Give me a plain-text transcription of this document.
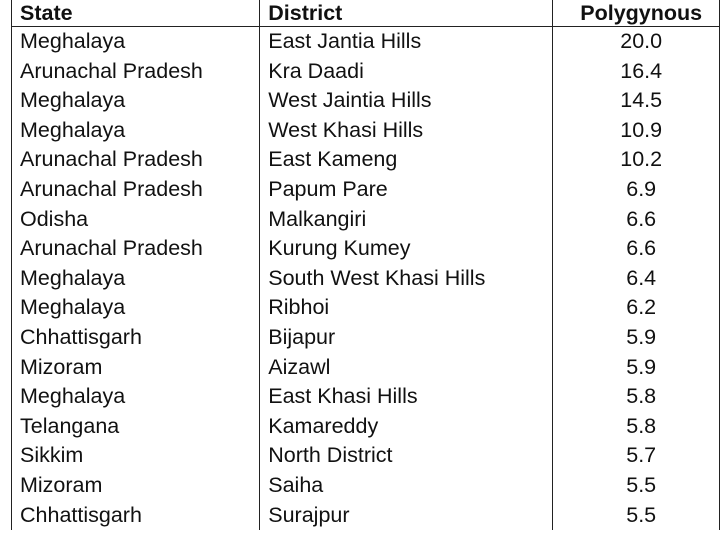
State	District	Polygynous
Meghalaya	East Jantia Hills	20.0
Arunachal Pradesh	Kra Daadi	16.4
Meghalaya	West Jaintia Hills	14.5
Meghalaya	West Khasi Hills	10.9
Arunachal Pradesh	East Kameng	10.2
Arunachal Pradesh	Papum Pare	6.9
Odisha	Malkangiri	6.6
Arunachal Pradesh	Kurung Kumey	6.6
Meghalaya	South West Khasi Hills	6.4
Meghalaya	Ribhoi	6.2
Chhattisgarh	Bijapur	5.9
Mizoram	Aizawl	5.9
Meghalaya	East Khasi Hills	5.8
Telangana	Kamareddy	5.8
Sikkim	North District	5.7
Mizoram	Saiha	5.5
Chhattisgarh	Surajpur	5.5
